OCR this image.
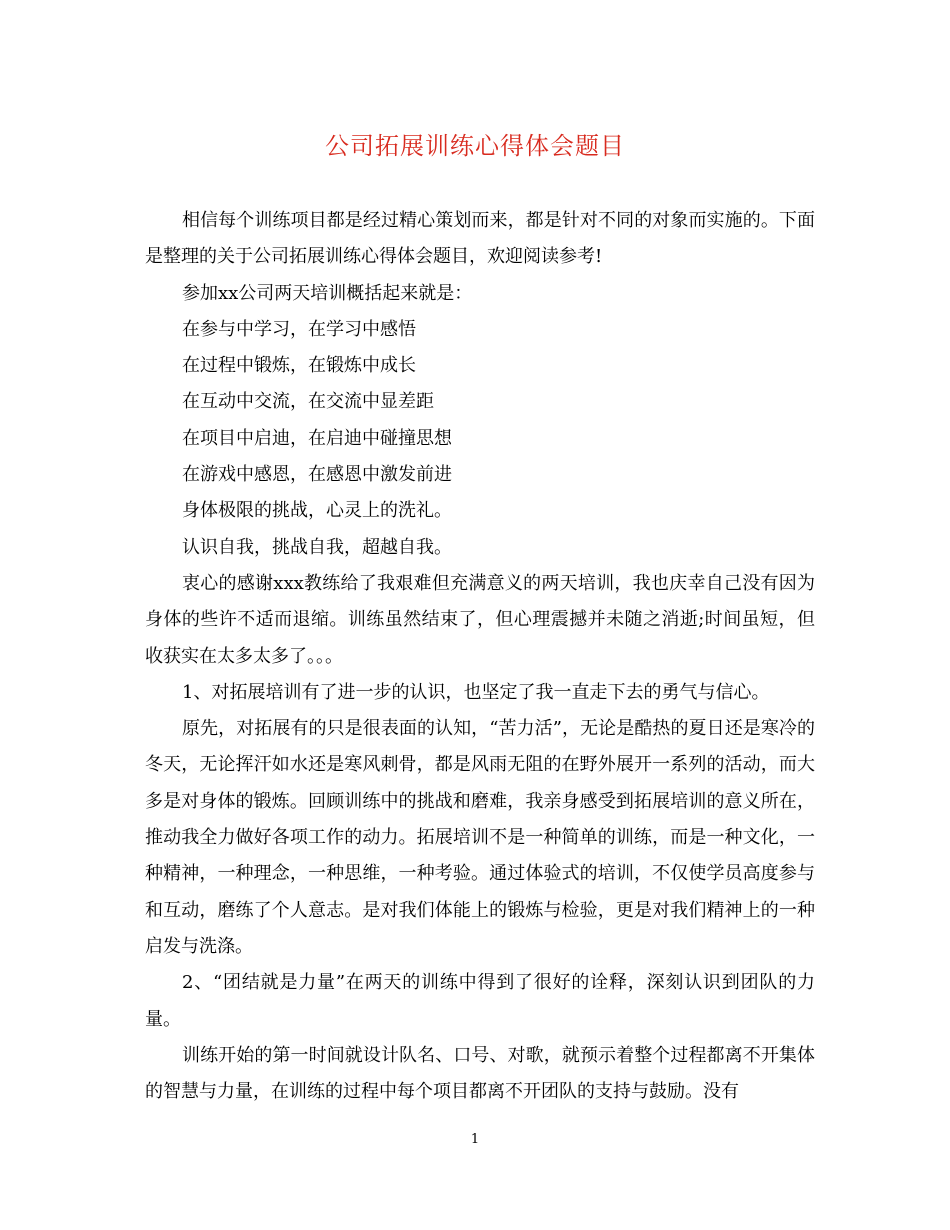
公司拓展训练心得体会题目

相信每个训练项目都是经过精心策划而来，都是针对不同的对象而实施的。下面是整理的关于公司拓展训练心得体会题目，欢迎阅读参考!

参加xx公司两天培训概括起来就是：

在参与中学习，在学习中感悟

在过程中锻炼，在锻炼中成长

在互动中交流，在交流中显差距

在项目中启迪，在启迪中碰撞思想

在游戏中感恩，在感恩中激发前进

身体极限的挑战，心灵上的洗礼。

认识自我，挑战自我，超越自我。

衷心的感谢xxx教练给了我艰难但充满意义的两天培训，我也庆幸自己没有因为身体的些许不适而退缩。训练虽然结束了，但心理震撼并未随之消逝;时间虽短，但收获实在太多太多了。。。

1、对拓展培训有了进一步的认识，也坚定了我一直走下去的勇气与信心。

原先，对拓展有的只是很表面的认知，“苦力活”，无论是酷热的夏日还是寒冷的冬天，无论挥汗如水还是寒风刺骨，都是风雨无阻的在野外展开一系列的活动，而大多是对身体的锻炼。回顾训练中的挑战和磨难，我亲身感受到拓展培训的意义所在，推动我全力做好各项工作的动力。拓展培训不是一种简单的训练，而是一种文化，一种精神，一种理念，一种思维，一种考验。通过体验式的培训，不仅使学员高度参与和互动，磨练了个人意志。是对我们体能上的锻炼与检验，更是对我们精神上的一种启发与洗涤。

2、“团结就是力量”在两天的训练中得到了很好的诠释，深刻认识到团队的力量。

训练开始的第一时间就设计队名、口号、对歌，就预示着整个过程都离不开集体的智慧与力量，在训练的过程中每个项目都离不开团队的支持与鼓励。没有

1
